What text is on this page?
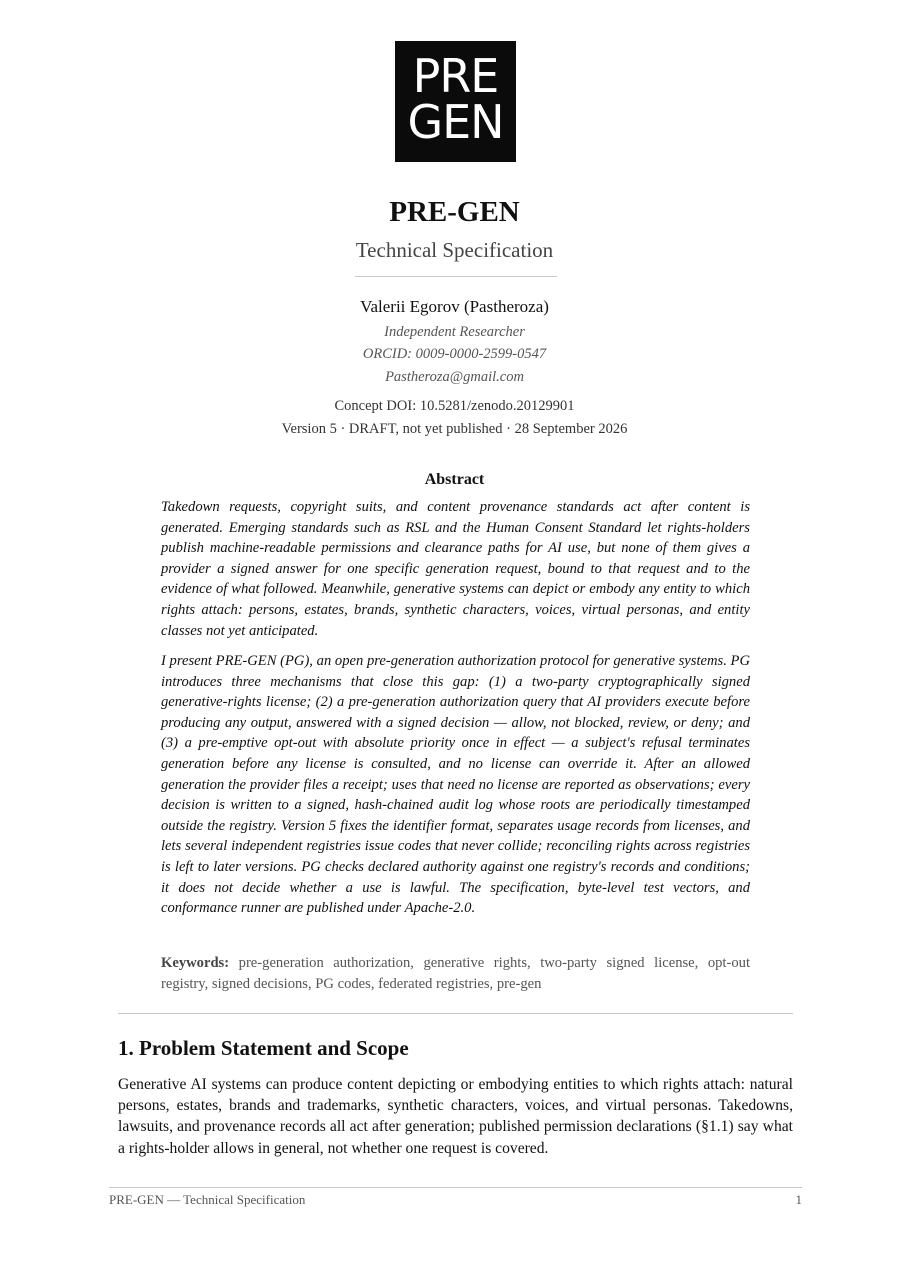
PRE
GEN
PRE-GEN
Technical Specification
Valerii Egorov (Pastheroza)
Independent Researcher
ORCID: 0009-0000-2599-0547
Pastheroza@gmail.com
Concept DOI: 10.5281/zenodo.20129901
Version 5 · DRAFT, not yet published · 28 September 2026
Abstract

Takedown requests, copyright suits, and content provenance standards act after content is generated. Emerging standards such as RSL and the Human Consent Standard let rights-holders publish machine-readable permissions and clearance paths for AI use, but none of them gives a provider a signed answer for one specific generation request, bound to that request and to the evidence of what followed. Meanwhile, generative systems can depict or embody any entity to which rights attach: persons, estates, brands, synthetic characters, voices, virtual personas, and entity classes not yet anticipated.

I present PRE-GEN (PG), an open pre-generation authorization protocol for generative systems. PG introduces three mechanisms that close this gap: (1) a two-party cryptographically signed generative-rights license; (2) a pre-generation authorization query that AI providers execute before producing any output, answered with a signed decision — allow, not blocked, review, or deny; and (3) a pre-emptive opt-out with absolute priority once in effect — a subject's refusal terminates generation before any license is consulted, and no license can override it. After an allowed generation the provider files a receipt; uses that need no license are reported as observations; every decision is written to a signed, hash-chained audit log whose roots are periodically timestamped outside the registry. Version 5 fixes the identifier format, separates usage records from licenses, and lets several independent registries issue codes that never collide; reconciling rights across registries is left to later versions. PG checks declared authority against one registry's records and conditions; it does not decide whether a use is lawful. The specification, byte-level test vectors, and conformance runner are published under Apache-2.0.

Keywords: pre-generation authorization, generative rights, two-party signed license, opt-out registry, signed decisions, PG codes, federated registries, pre-gen

1. Problem Statement and Scope

Generative AI systems can produce content depicting or embodying entities to which rights attach: natural persons, estates, brands and trademarks, synthetic characters, voices, and virtual personas. Takedowns, lawsuits, and provenance records all act after generation; published permission declarations (§1.1) say what a rights-holder allows in general, not whether one request is covered.

PRE-GEN — Technical Specification	1
